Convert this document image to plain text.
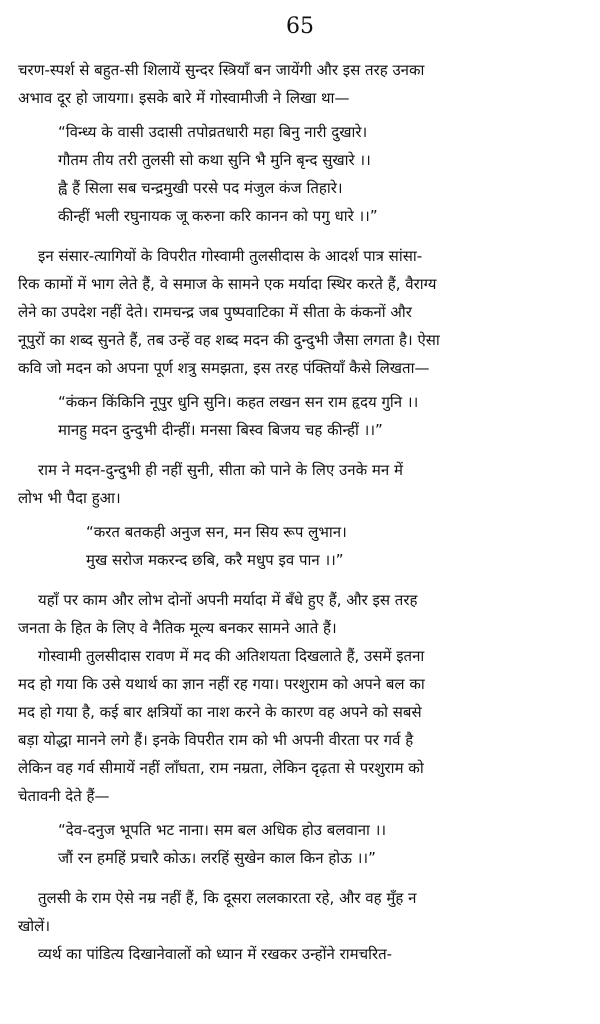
65
चरण-स्पर्श से बहुत-सी शिलायें सुन्दर स्त्रियाँ बन जायेंगी और इस तरह उनका
अभाव दूर हो जायगा। इसके बारे में गोस्वामीजी ने लिखा था—
“विन्ध्य के वासी उदासी तपोव्रतधारी महा बिनु नारी दुखारे।
गौतम तीय तरी तुलसी सो कथा सुनि भै मुनि बृन्द सुखारे ।।
ह्वै हैं सिला सब चन्द्रमुखी परसे पद मंजुल कंज तिहारे।
कीन्हीं भली रघुनायक जू करुना करि कानन को पगु धारे ।।”
इन संसार-त्यागियों के विपरीत गोस्वामी तुलसीदास के आदर्श पात्र सांसा-
रिक कामों में भाग लेते हैं, वे समाज के सामने एक मर्यादा स्थिर करते हैं, वैराग्य
लेने का उपदेश नहीं देते। रामचन्द्र जब पुष्पवाटिका में सीता के कंकनों और
नूपुरों का शब्द सुनते हैं, तब उन्हें वह शब्द मदन की दुन्दुभी जैसा लगता है। ऐसा
कवि जो मदन को अपना पूर्ण शत्रु समझता, इस तरह पंक्तियाँ कैसे लिखता—
“कंकन किंकिनि नूपुर धुनि सुनि। कहत लखन सन राम हृदय गुनि ।।
मानहु मदन दुन्दुभी दीन्हीं। मनसा बिस्व बिजय चह कीन्हीं ।।”
राम ने मदन-दुन्दुभी ही नहीं सुनी, सीता को पाने के लिए उनके मन में
लोभ भी पैदा हुआ।
“करत बतकही अनुज सन, मन सिय रूप लुभान।
मुख सरोज मकरन्द छबि, करै मधुप इव पान ।।”
यहाँ पर काम और लोभ दोनों अपनी मर्यादा में बँधे हुए हैं, और इस तरह
जनता के हित के लिए वे नैतिक मूल्य बनकर सामने आते हैं।
गोस्वामी तुलसीदास रावण में मद की अतिशयता दिखलाते हैं, उसमें इतना
मद हो गया कि उसे यथार्थ का ज्ञान नहीं रह गया। परशुराम को अपने बल का
मद हो गया है, कई बार क्षत्रियों का नाश करने के कारण वह अपने को सबसे
बड़ा योद्धा मानने लगे हैं। इनके विपरीत राम को भी अपनी वीरता पर गर्व है
लेकिन वह गर्व सीमायें नहीं लाँघता, राम नम्रता, लेकिन दृढ़ता से परशुराम को
चेतावनी देते हैं—
“देव-दनुज भूपति भट नाना। सम बल अधिक होउ बलवाना ।।
जौं रन हमहिं प्रचारै कोऊ। लरहिं सुखेन काल किन होऊ ।।”
तुलसी के राम ऐसे नम्र नहीं हैं, कि दूसरा ललकारता रहे, और वह मुँह न
खोलें।
व्यर्थ का पांडित्य दिखानेवालों को ध्यान में रखकर उन्होंने रामचरित-
